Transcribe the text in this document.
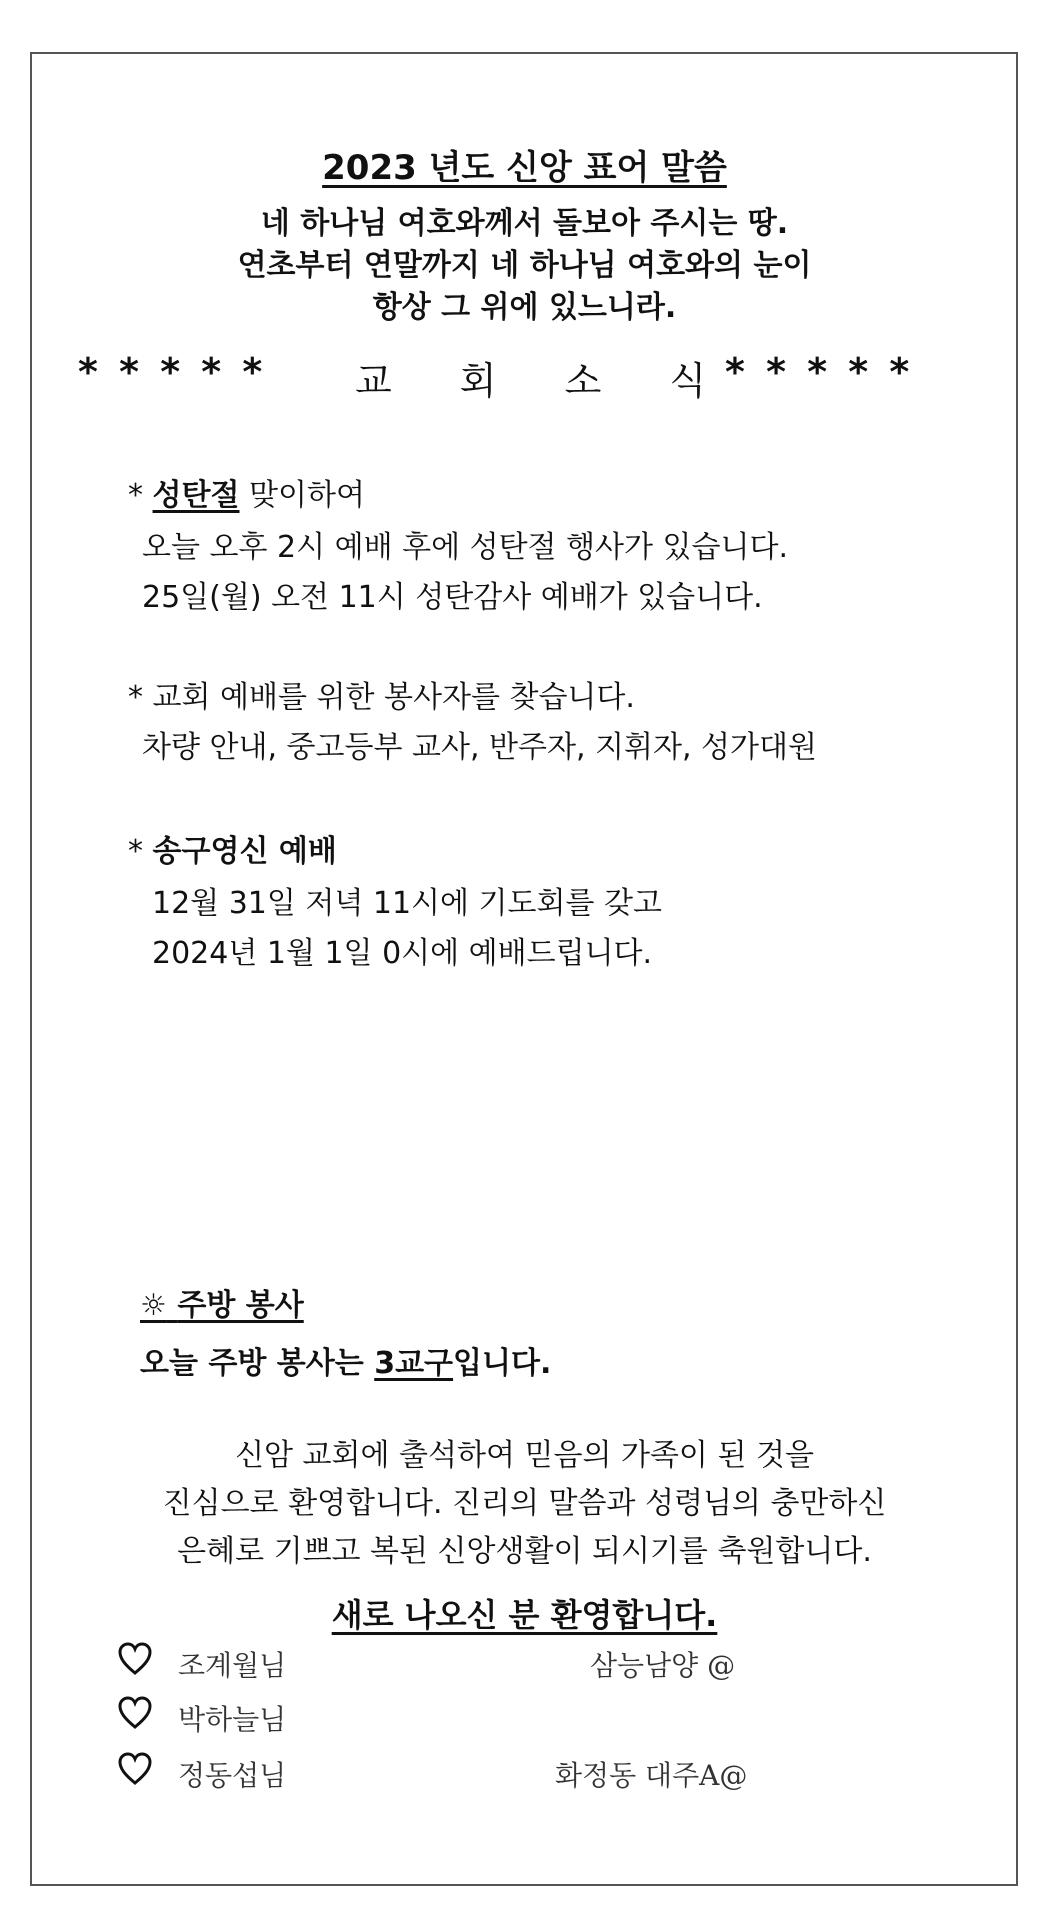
2023 년도 신앙 표어 말씀
네 하나님 여호와께서 돌보아 주시는 땅.
연초부터 연말까지 네 하나님 여호와의 눈이
항상 그 위에 있느니라.
* * * * * 교 회 소 식 * * * * *
* 성탄절 맞이하여
오늘 오후 2시 예배 후에 성탄절 행사가 있습니다.
25일(월) 오전 11시 성탄감사 예배가 있습니다.
* 교회 예배를 위한 봉사자를 찾습니다.
차량 안내, 중고등부 교사, 반주자, 지휘자, 성가대원
* 송구영신 예배
12월 31일 저녁 11시에 기도회를 갖고
2024년 1월 1일 0시에 예배드립니다.
☼ 주방 봉사
오늘 주방 봉사는 3교구입니다.
신암 교회에 출석하여 믿음의 가족이 된 것을
진심으로 환영합니다. 진리의 말씀과 성령님의 충만하신
은혜로 기쁘고 복된 신앙생활이 되시기를 축원합니다.
새로 나오신 분 환영합니다.
조계월님	삼능남양 @
박하늘님
정동섭님	화정동 대주A@
